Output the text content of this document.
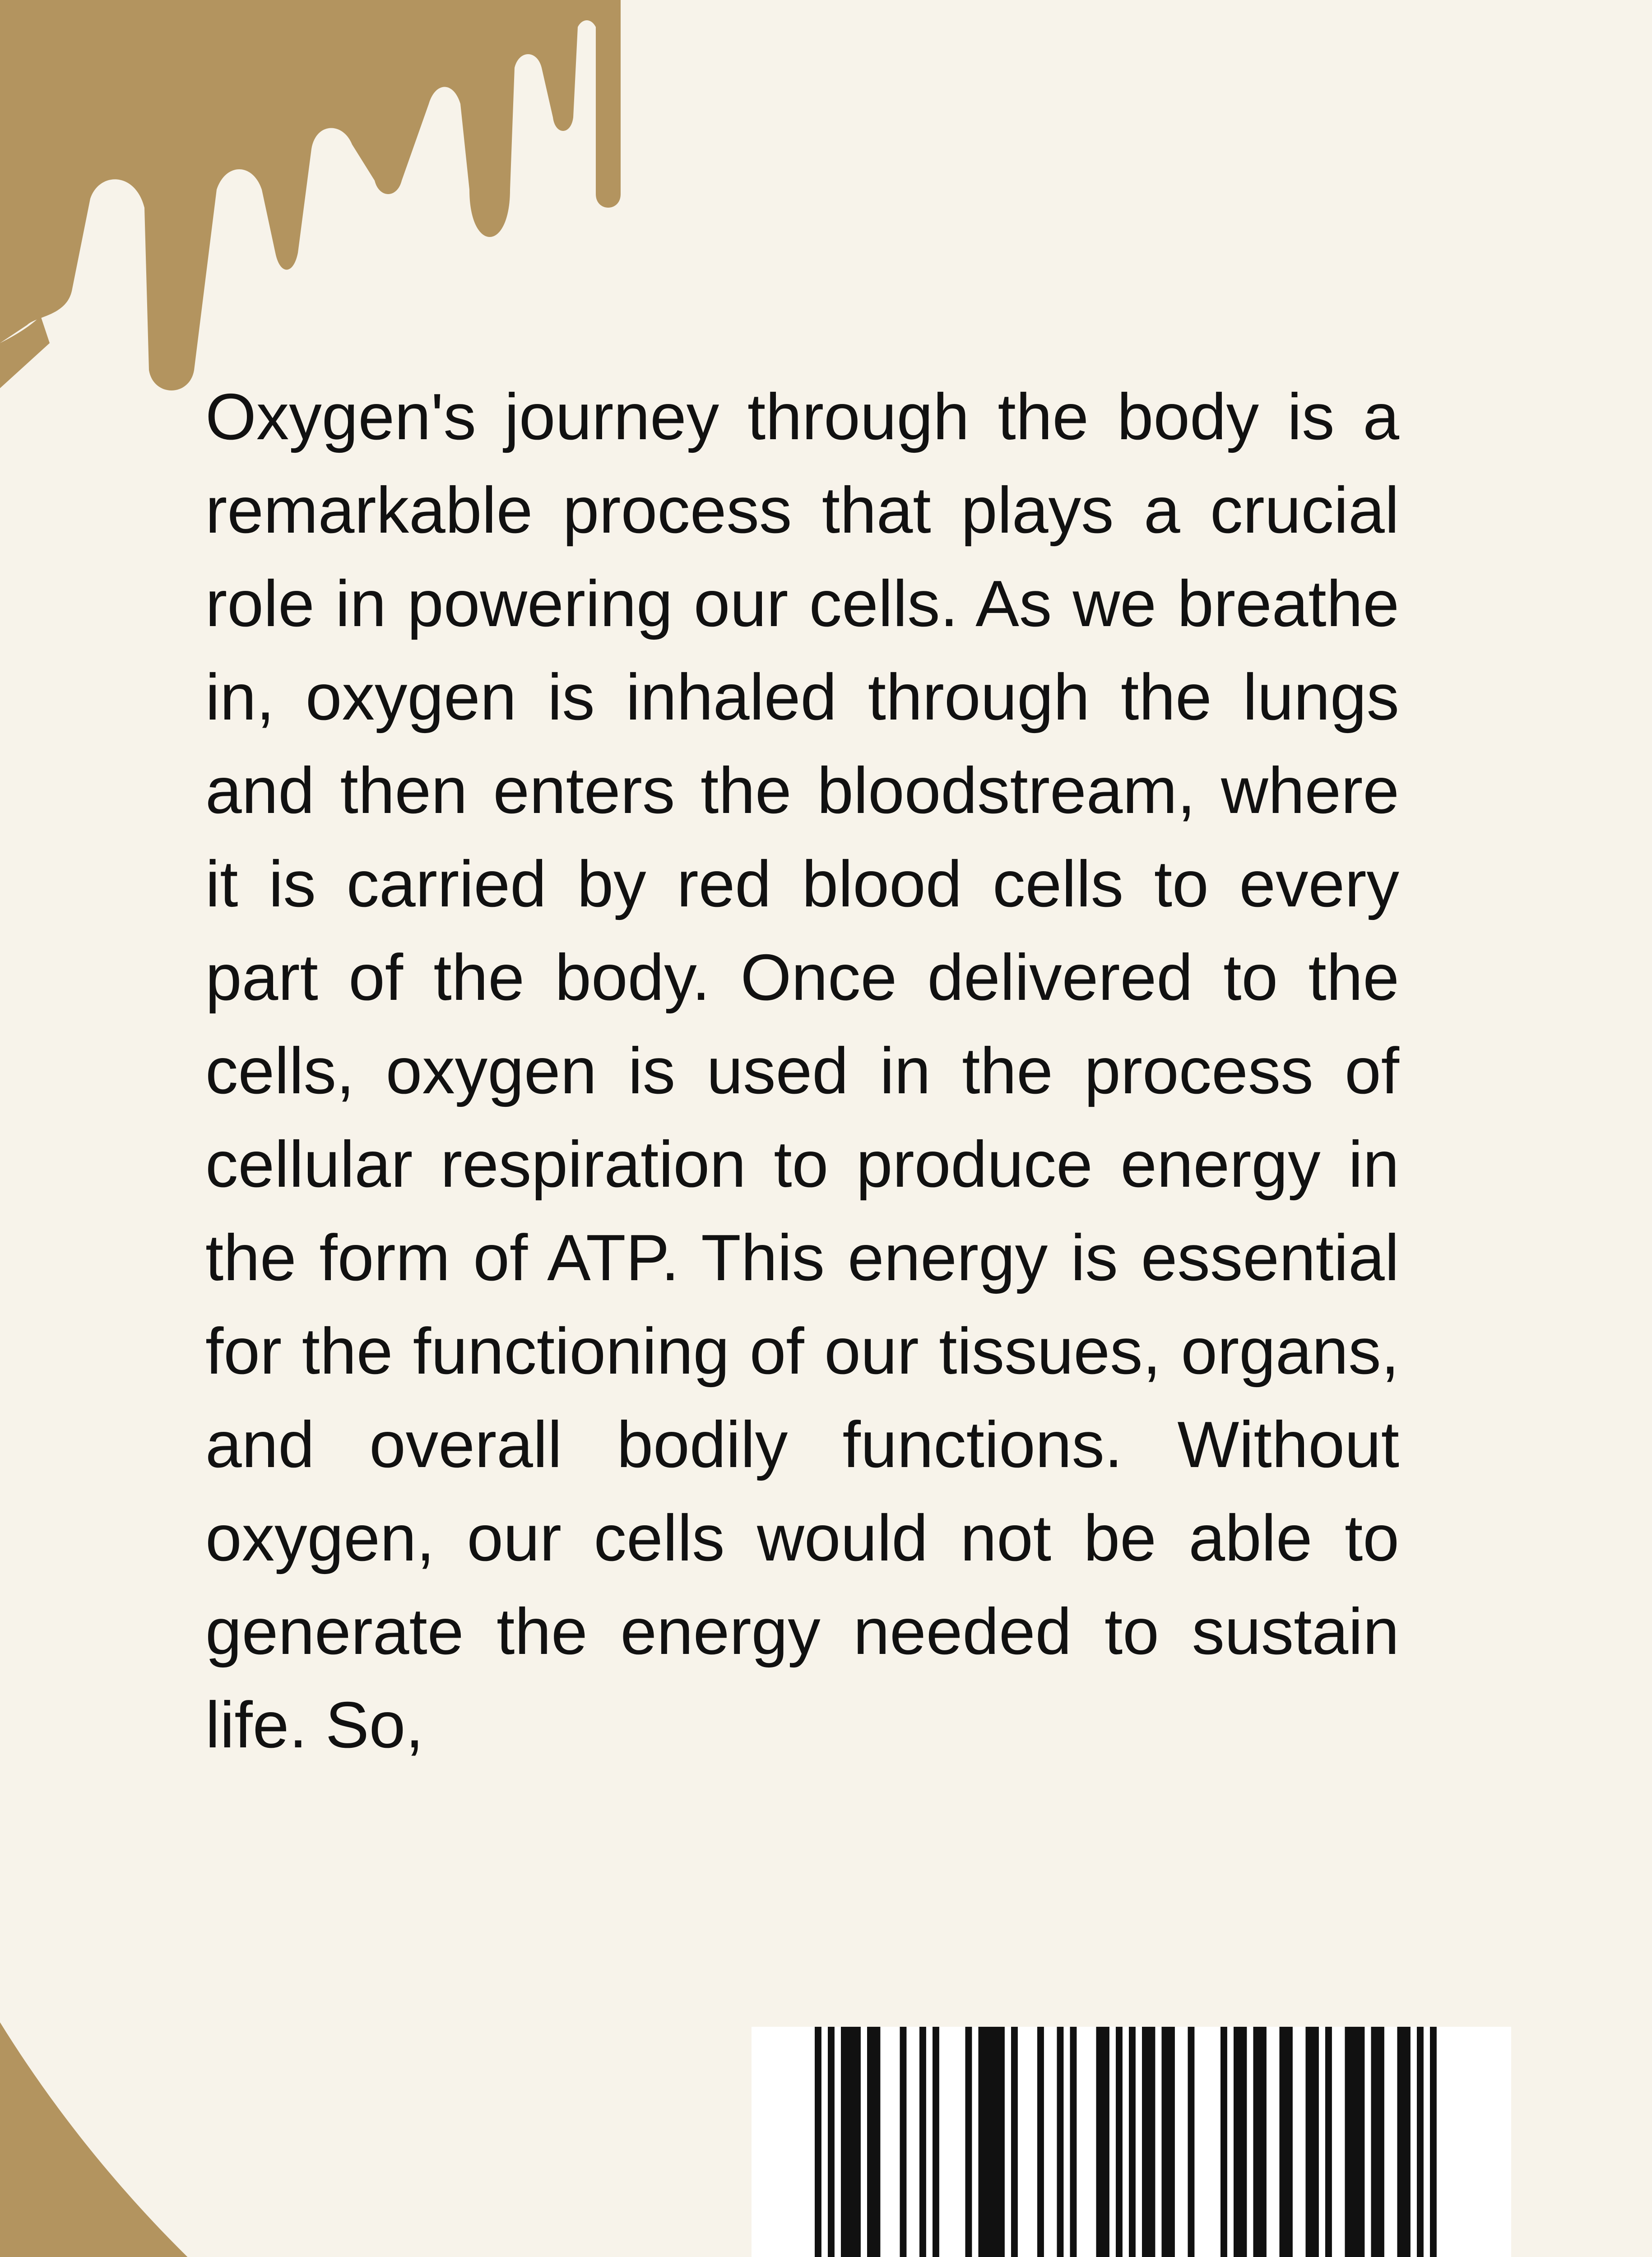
Oxygen's journey through the body is a remarkable process that plays a crucial role in powering our cells. As we breathe in, oxygen is inhaled through the lungs and then enters the bloodstream, where it is carried by red blood cells to every part of the body. Once delivered to the cells, oxygen is used in the process of cellular respiration to produce energy in the form of ATP. This energy is essential for the functioning of our tissues, organs, and overall bodily functions. Without oxygen, our cells would not be able to generate the energy needed to sustain life. So,
